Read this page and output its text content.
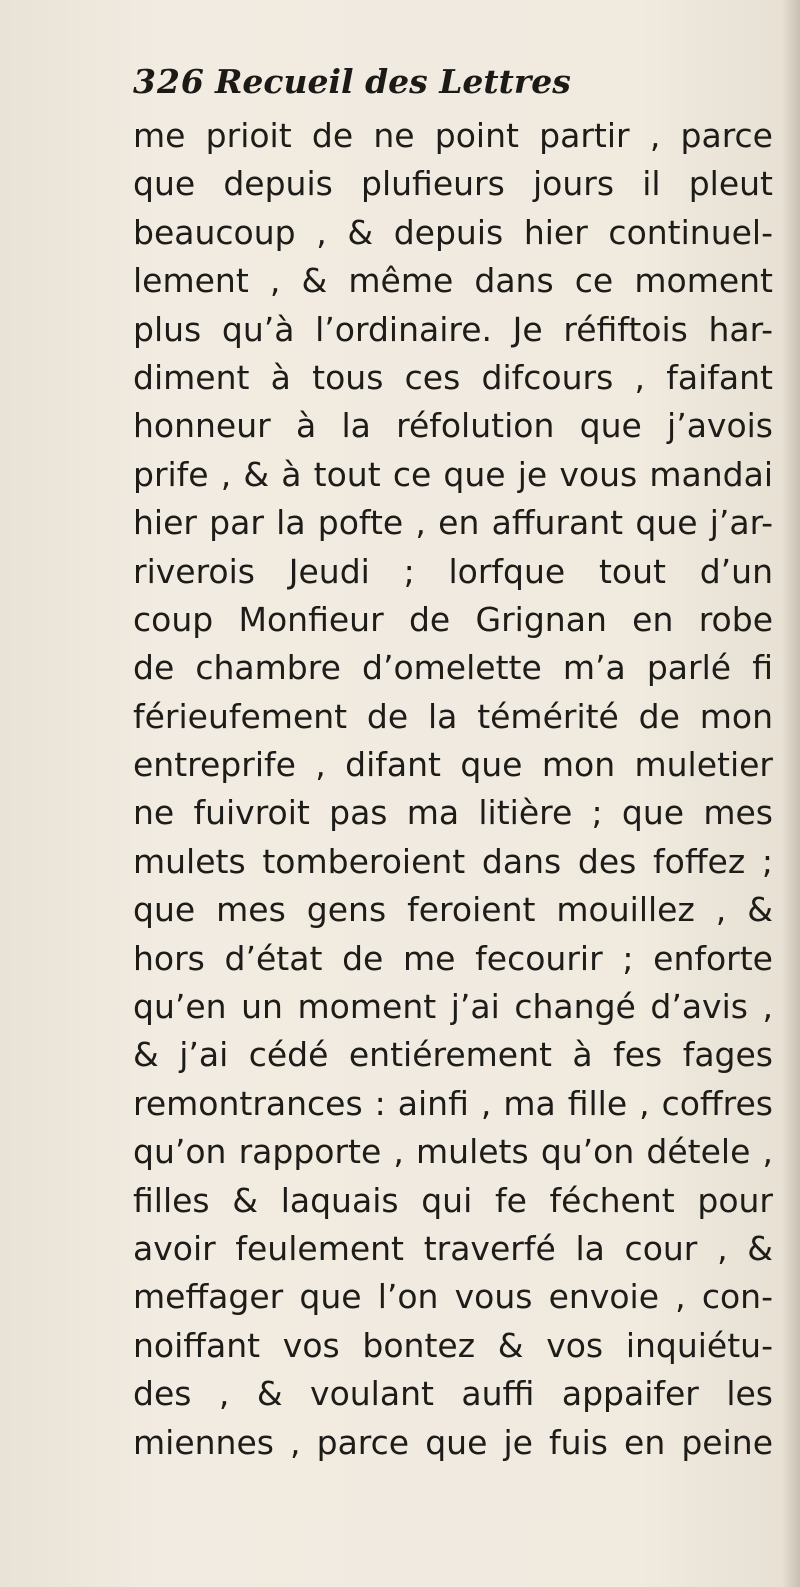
326 Recueil des Lettres
me prioit de ne point partir , parce
que depuis plufieurs jours il pleut
beaucoup , & depuis hier continuel-
lement , & même dans ce moment
plus qu’à l’ordinaire. Je réfiftois har-
diment à tous ces difcours , faifant
honneur à la réfolution que j’avois
prife , & à tout ce que je vous mandai
hier par la pofte , en affurant que j’ar-
riverois Jeudi ; lorfque tout d’un
coup Monfieur de Grignan en robe
de chambre d’omelette m’a parlé fi
férieufement de la témérité de mon
entreprife , difant que mon muletier
ne fuivroit pas ma litière ; que mes
mulets tomberoient dans des foffez ;
que mes gens feroient mouillez , &
hors d’état de me fecourir ; enforte
qu’en un moment j’ai changé d’avis ,
& j’ai cédé entiérement à fes fages
remontrances : ainfi , ma fille , coffres
qu’on rapporte , mulets qu’on détele ,
filles & laquais qui fe féchent pour
avoir feulement traverfé la cour , &
meffager que l’on vous envoie , con-
noiffant vos bontez & vos inquiétu-
des , & voulant auffi appaifer les
miennes , parce que je fuis en peine
